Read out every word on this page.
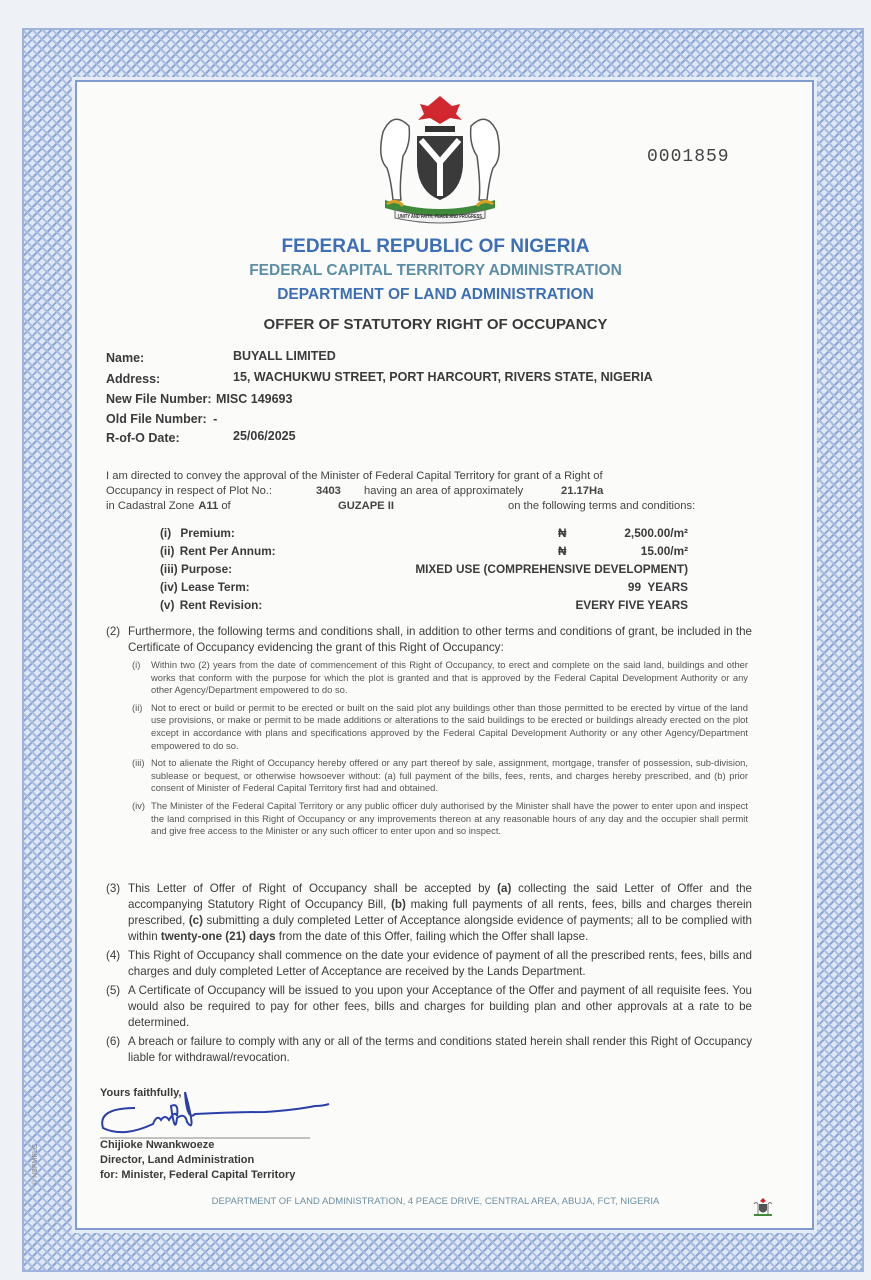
UNITY AND FAITH, PEACE AND PROGRESS
0001859
FEDERAL REPUBLIC OF NIGERIA
FEDERAL CAPITAL TERRITORY ADMINISTRATION
DEPARTMENT OF LAND ADMINISTRATION
OFFER OF STATUTORY RIGHT OF OCCUPANCY
Name:	BUYALL LIMITED
Address:	15, WACHUKWU STREET, PORT HARCOURT, RIVERS STATE, NIGERIA
New File Number: MISC 149693
Old File Number: -
R-of-O Date:	25/06/2025
I am directed to convey the approval of the Minister of Federal Capital Territory for grant of a Right of
Occupancy in respect of Plot No.:	3403 having an area of approximately	21.17Ha
in Cadastral Zone A11 of	GUZAPE II	on the following terms and conditions:
(i) Premium:	₦	2,500.00/m²
(ii) Rent Per Annum:	₦	15.00/m²
(iii) Purpose:	MIXED USE (COMPREHENSIVE DEVELOPMENT)
(iv) Lease Term:	99  YEARS
(v) Rent Revision:	EVERY FIVE YEARS
(2) Furthermore, the following terms and conditions shall, in addition to other terms and conditions of grant, be included in the Certificate of Occupancy evidencing the grant of this Right of Occupancy:
(i)	Within two (2) years from the date of commencement of this Right of Occupancy, to erect and complete on the said land, buildings and other works that conform with the purpose for which the plot is granted and that is approved by the Federal Capital Development Authority or any other Agency/Department empowered to do so.
(ii) Not to erect or build or permit to be erected or built on the said plot any buildings other than those permitted to be erected by virtue of the land use provisions, or make or permit to be made additions or alterations to the said buildings to be erected or buildings already erected on the plot except in accordance with plans and specifications approved by the Federal Capital Development Authority or any other Agency/Department empowered to do so.
(iii) Not to alienate the Right of Occupancy hereby offered or any part thereof by sale, assignment, mortgage, transfer of possession, sub-division, sublease or bequest, or otherwise howsoever without: (a) full payment of the bills, fees, rents, and charges hereby prescribed, and (b) prior consent of Minister of Federal Capital Territory first had and obtained.
(iv) The Minister of the Federal Capital Territory or any public officer duly authorised by the Minister shall have the power to enter upon and inspect the land comprised in this Right of Occupancy or any improvements thereon at any reasonable hours of any day and the occupier shall permit and give free access to the Minister or any such officer to enter upon and so inspect.
(3) This Letter of Offer of Right of Occupancy shall be accepted by (a) collecting the said Letter of Offer and the accompanying Statutory Right of Occupancy Bill, (b) making full payments of all rents, fees, bills and charges therein prescribed, (c) submitting a duly completed Letter of Acceptance alongside evidence of payments; all to be complied with within twenty-one (21) days from the date of this Offer, failing which the Offer shall lapse.
(4) This Right of Occupancy shall commence on the date your evidence of payment of all the prescribed rents, fees, bills and charges and duly completed Letter of Acceptance are received by the Lands Department.
(5) A Certificate of Occupancy will be issued to you upon your Acceptance of the Offer and payment of all requisite fees. You would also be required to pay for other fees, bills and charges for building plan and other approvals at a rate to be determined.
(6) A breach or failure to comply with any or all of the terms and conditions stated herein shall render this Right of Occupancy liable for withdrawal/revocation.
Yours faithfully,
Chijioke Nwankwoeze
Director, Land Administration
for: Minister, Federal Capital Territory
© NSPMPLC
DEPARTMENT OF LAND ADMINISTRATION, 4 PEACE DRIVE, CENTRAL AREA, ABUJA, FCT, NIGERIA
